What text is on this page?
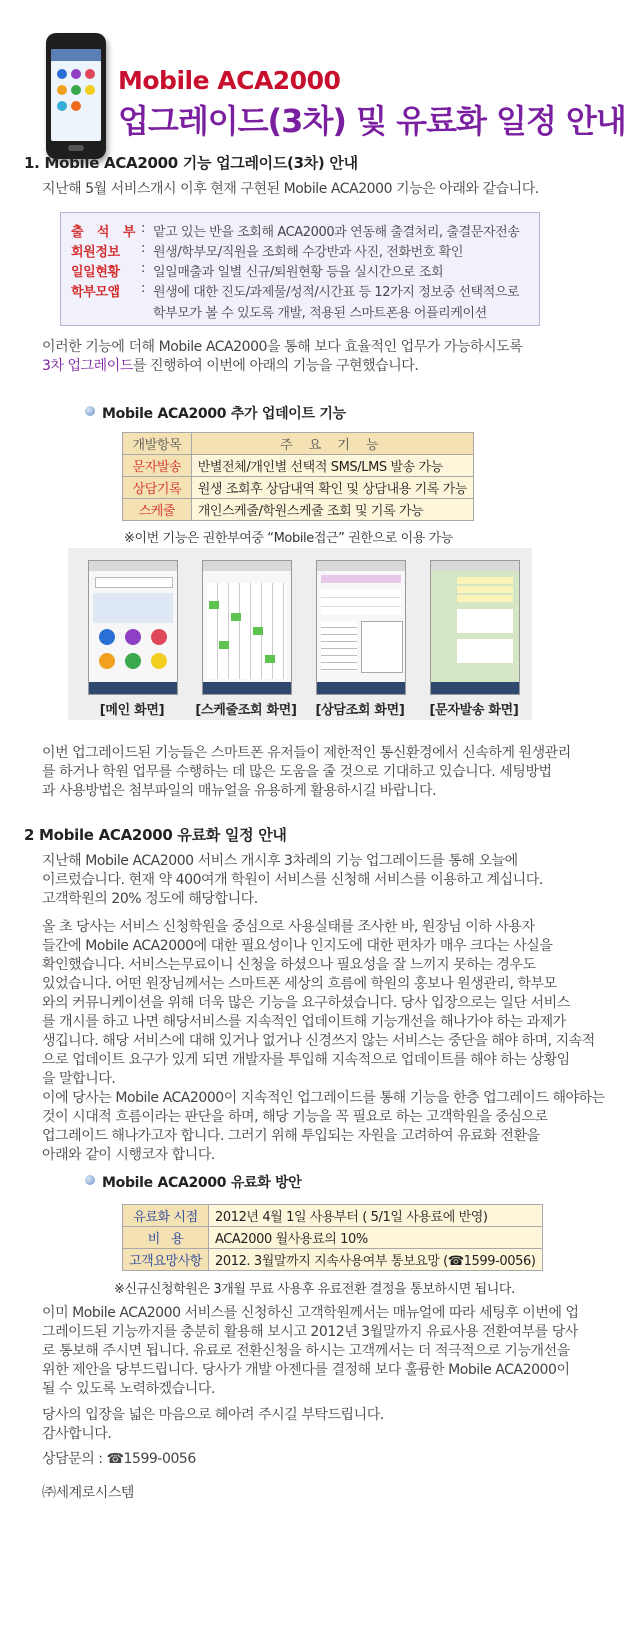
Mobile ACA2000
업그레이드(3차) 및 유료화 일정 안내
1. Mobile ACA2000 기능 업그레이드(3차) 안내

지난해 5월 서비스개시 이후 현재 구현된 Mobile ACA2000 기능은 아래와 같습니다.

출 석 부 : 맡고 있는 반을 조회해 ACA2000과 연동해 출결처리, 출결문자전송
회원정보	: 원생/학부모/직원을 조회해 수강반과 사진, 전화번호 확인
일일현황	: 일일매출과 일별 신규/퇴원현황 등을 실시간으로 조회
학부모앱	: 원생에 대한 진도/과제물/성적/시간표 등 12가지 정보중 선택적으로
학부모가 볼 수 있도록 개발, 적용된 스마트폰용 어플리케이션

이러한 기능에 더해 Mobile ACA2000을 통해 보다 효율적인 업무가 가능하시도록

3차 업그레이드를 진행하여 이번에 아래의 기능을 구현했습니다.

Mobile ACA2000 추가 업데이트 기능
개발항목	주 요 기 능
문자발송	반별전체/개인별 선택적 SMS/LMS 발송 가능
상담기록	원생 조회후 상담내역 확인 및 상담내용 기록 가능
스케줄	개인스케줄/학원스케줄 조회 및 기록 가능
※이번 기능은 권한부여중 “Mobile접근” 권한으로 이용 가능
[메인 화면]	[스케줄조회 화면]	[상담조회 화면]	[문자발송 화면]

이번 업그레이드된 기능들은 스마트폰 유저들이 제한적인 통신환경에서 신속하게 원생관리

를 하거나 학원 업무를 수행하는 데 많은 도움을 줄 것으로 기대하고 있습니다. 세팅방법

과 사용방법은 첨부파일의 매뉴얼을 유용하게 활용하시길 바랍니다.

2 Mobile ACA2000 유료화 일정 안내

지난해 Mobile ACA2000 서비스 개시후 3차례의 기능 업그레이드를 통해 오늘에

이르렀습니다. 현재 약 400여개 학원이 서비스를 신청해 서비스를 이용하고 계십니다.

고객학원의 20% 정도에 해당합니다.

올 초 당사는 서비스 신청학원을 중심으로 사용실태를 조사한 바, 원장님 이하 사용자

들간에 Mobile ACA2000에 대한 필요성이나 인지도에 대한 편차가 매우 크다는 사실을

확인했습니다. 서비스는무료이니 신청을 하셨으나 필요성을 잘 느끼지 못하는 경우도

있었습니다. 어떤 원장님께서는 스마트폰 세상의 흐름에 학원의 홍보나 원생관리, 학부모

와의 커뮤니케이션을 위해 더욱 많은 기능을 요구하셨습니다. 당사 입장으로는 일단 서비스

를 개시를 하고 나면 해당서비스를 지속적인 업데이트해 기능개선을 해나가야 하는 과제가

생깁니다. 해당 서비스에 대해 있거나 없거나 신경쓰지 않는 서비스는 중단을 해야 하며, 지속적

으로 업데이트 요구가 있게 되면 개발자를 투입해 지속적으로 업데이트를 해야 하는 상황임

을 말합니다.

이에 당사는 Mobile ACA2000이 지속적인 업그레이드를 통해 기능을 한층 업그레이드 해야하는

것이 시대적 흐름이라는 판단을 하며, 해당 기능을 꼭 필요로 하는 고객학원을 중심으로

업그레이드 해나가고자 합니다. 그러기 위해 투입되는 자원을 고려하여 유료화 전환을

아래와 같이 시행코자 합니다.

Mobile ACA2000 유료화 방안
유료화 시점	2012년 4월 1일 사용부터 ( 5/1일 사용료에 반영)
비   용	ACA2000 월사용료의 10%
고객요망사항	2012. 3월말까지 지속사용여부 통보요망 (☎1599-0056)
※신규신청학원은 3개월 무료 사용후 유료전환 결정을 통보하시면 됩니다.

이미 Mobile ACA2000 서비스를 신청하신 고객학원께서는 매뉴얼에 따라 세팅후 이번에 업

그레이드된 기능까지를 충분히 활용해 보시고 2012년 3월말까지 유료사용 전환여부를 당사

로 통보해 주시면 됩니다. 유료로 전환신청을 하시는 고객께서는 더 적극적으로 기능개선을

위한 제안을 당부드립니다. 당사가 개발 아젠다를 결정해 보다 훌륭한 Mobile ACA2000이

될 수 있도록 노력하겠습니다.

당사의 입장을 넓은 마음으로 헤아려 주시길 부탁드립니다.

감사합니다.

상담문의 : ☎1599-0056

㈜세계로시스템
